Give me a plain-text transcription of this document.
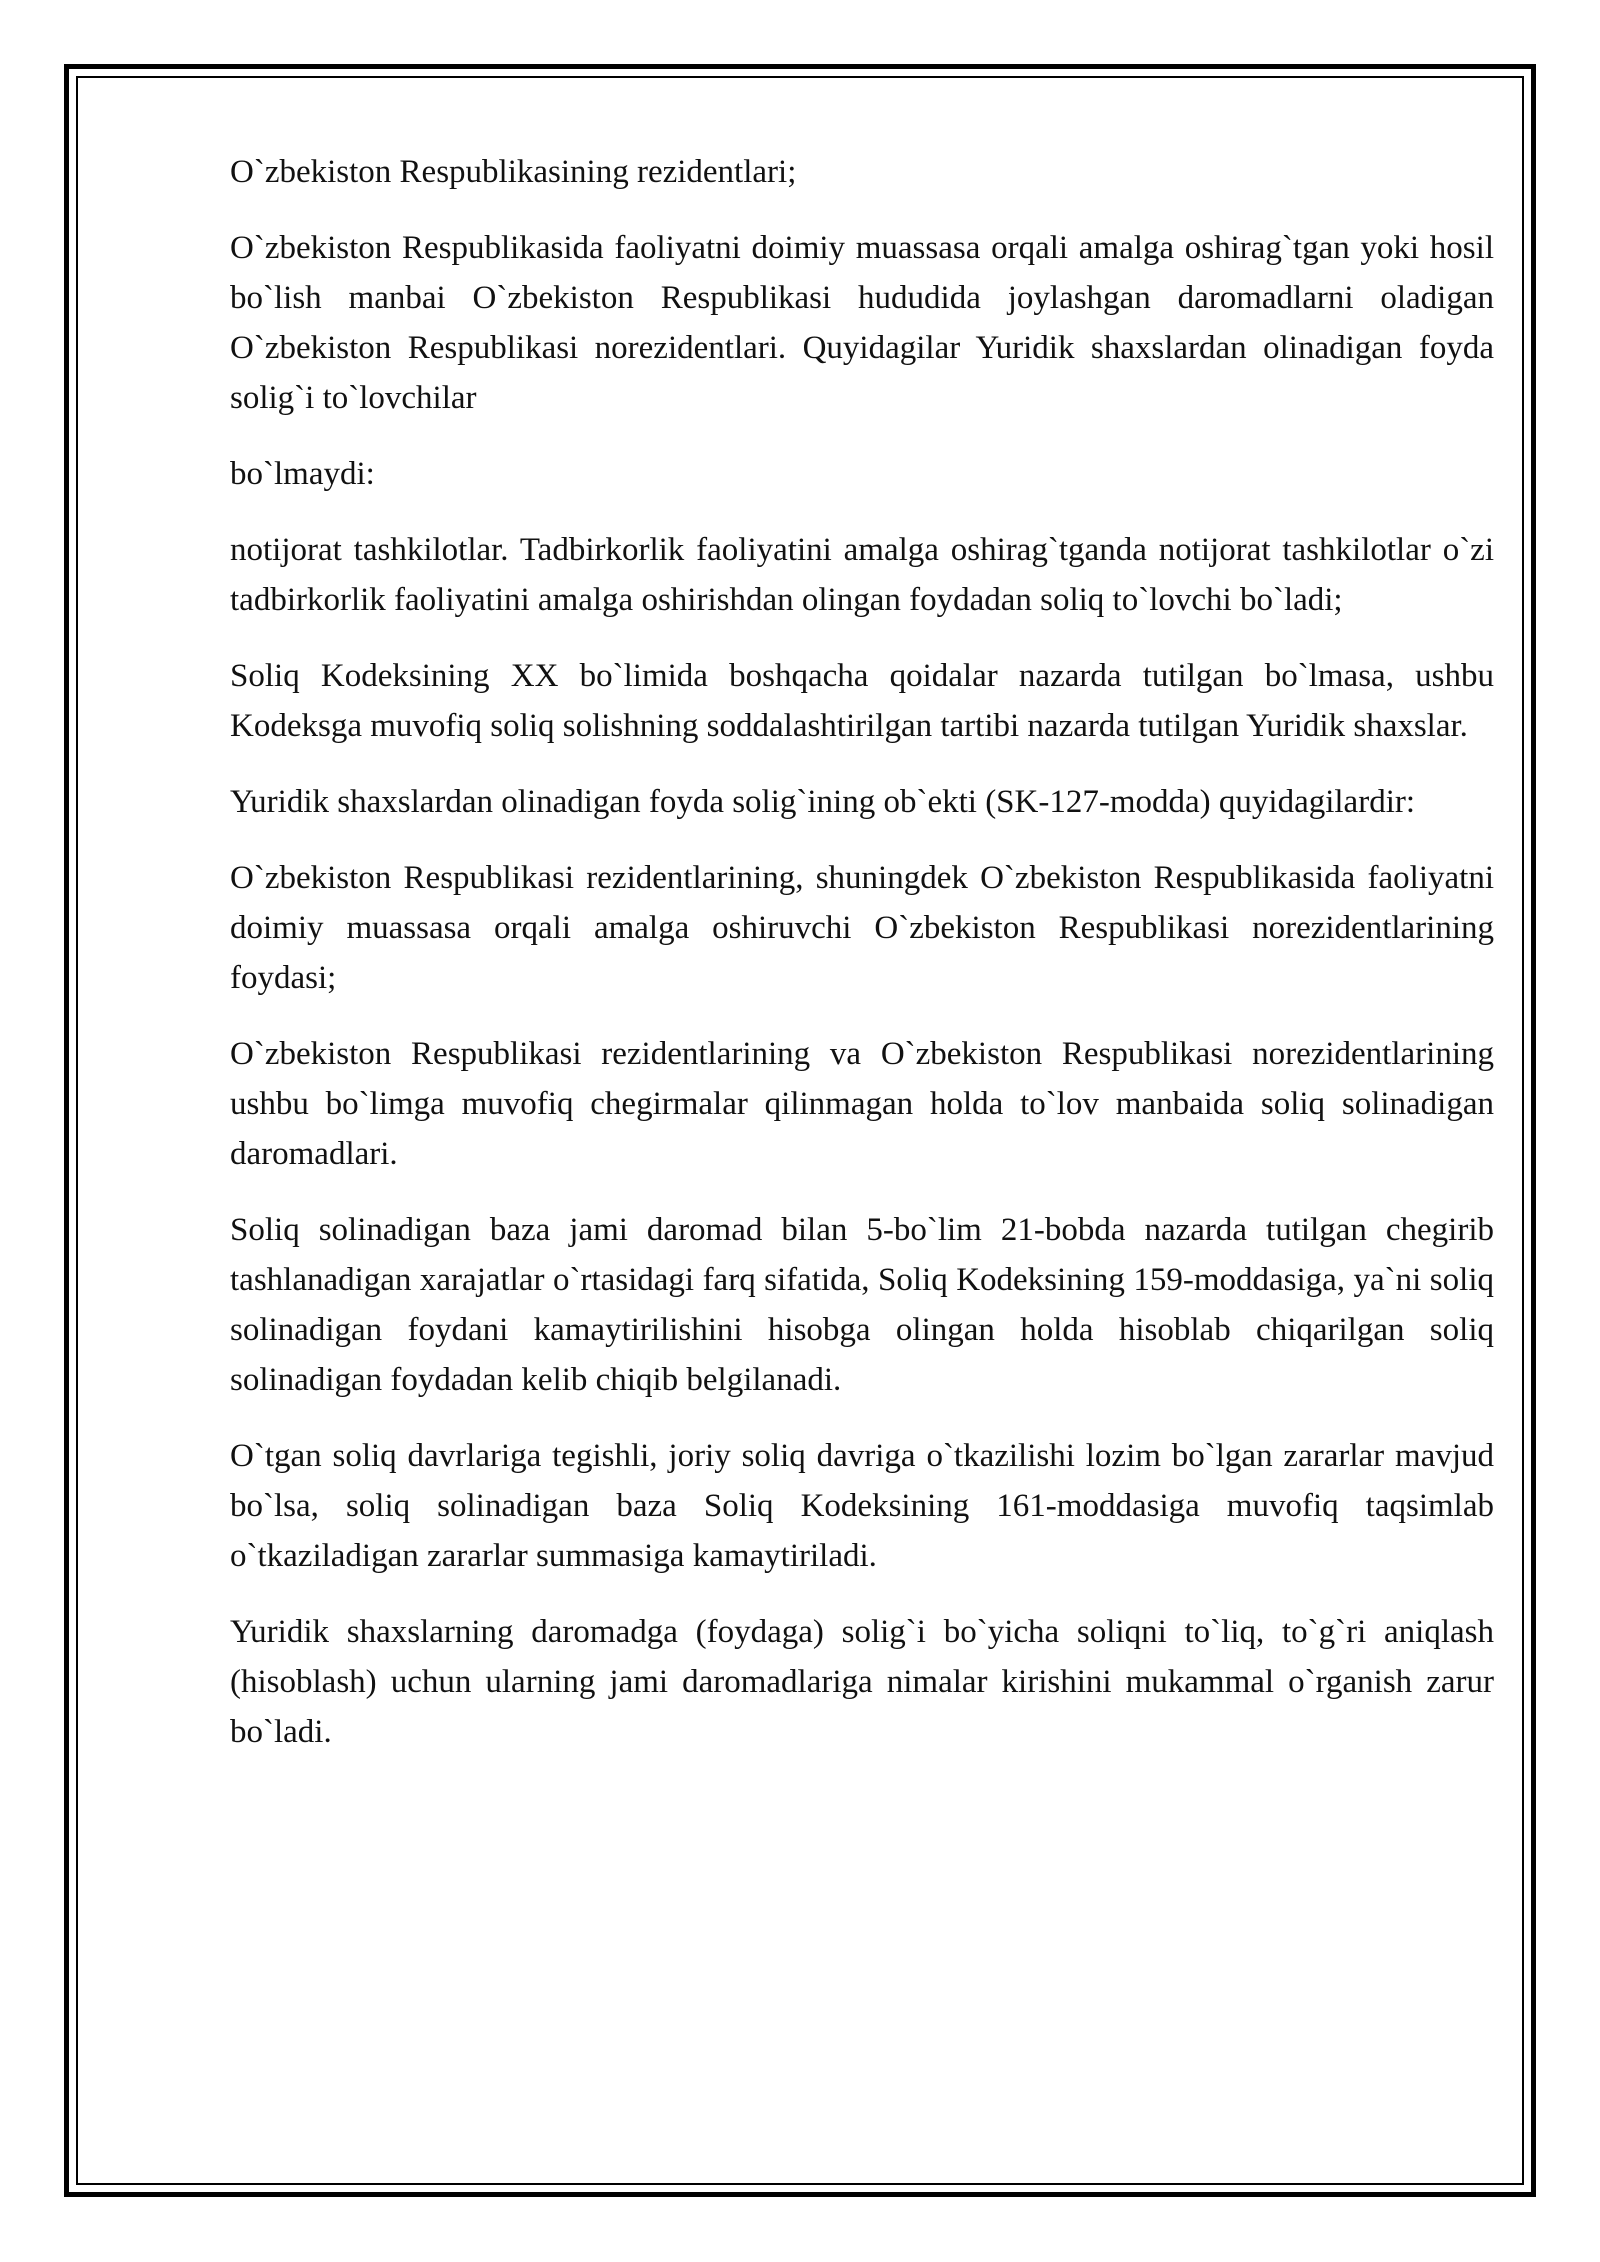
O`zbekiston Respublikasining rezidentlari;

O`zbekiston Respublikasida faoliyatni doimiy muassasa orqali amalga oshirag`tgan yoki hosil bo`lish manbai O`zbekiston Respublikasi hududida joylashgan daromadlarni oladigan O`zbekiston Respublikasi norezidentlari. Quyidagilar Yuridik shaxslardan olinadigan foyda solig`i to`lovchilar

bo`lmaydi:

notijorat tashkilotlar. Tadbirkorlik faoliyatini amalga oshirag`tganda notijorat tashkilotlar o`zi tadbirkorlik faoliyatini amalga oshirishdan olingan foydadan soliq to`lovchi bo`ladi;

Soliq Kodeksining XX bo`limida boshqacha qoidalar nazarda tutilgan bo`lmasa, ushbu Kodeksga muvofiq soliq solishning soddalashtirilgan tartibi nazarda tutilgan Yuridik shaxslar.

Yuridik shaxslardan olinadigan foyda solig`ining ob`ekti (SK-127-modda) quyidagilardir:

O`zbekiston Respublikasi rezidentlarining, shuningdek O`zbekiston Respublikasida faoliyatni doimiy muassasa orqali amalga oshiruvchi O`zbekiston Respublikasi norezidentlarining foydasi;

O`zbekiston Respublikasi rezidentlarining va O`zbekiston Respublikasi norezidentlarining ushbu bo`limga muvofiq chegirmalar qilinmagan holda to`lov manbaida soliq solinadigan daromadlari.

Soliq solinadigan baza jami daromad bilan 5-bo`lim 21-bobda nazarda tutilgan chegirib tashlanadigan xarajatlar o`rtasidagi farq sifatida, Soliq Kodeksining 159-moddasiga, ya`ni soliq solinadigan foydani kamaytirilishini hisobga olingan holda hisoblab chiqarilgan soliq solinadigan foydadan kelib chiqib belgilanadi.

O`tgan soliq davrlariga tegishli, joriy soliq davriga o`tkazilishi lozim bo`lgan zararlar mavjud bo`lsa, soliq solinadigan baza Soliq Kodeksining 161-moddasiga muvofiq taqsimlab o`tkaziladigan zararlar summasiga kamaytiriladi.

Yuridik shaxslarning daromadga (foydaga) solig`i bo`yicha soliqni to`liq, to`g`ri aniqlash (hisoblash) uchun ularning jami daromadlariga nimalar kirishini mukammal o`rganish zarur bo`ladi.
